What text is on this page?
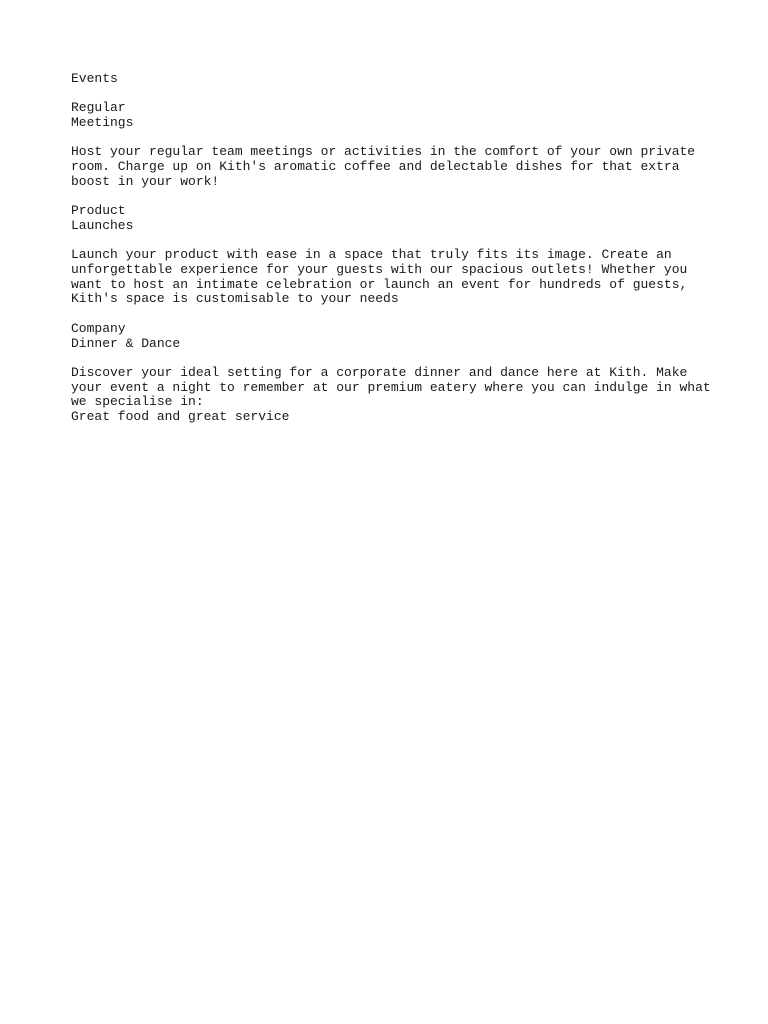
Events
Regular
Meetings
Host your regular team meetings or activities in the comfort of your own private
room. Charge up on Kith's aromatic coffee and delectable dishes for that extra
boost in your work!
Product
Launches
Launch your product with ease in a space that truly fits its image. Create an
unforgettable experience for your guests with our spacious outlets! Whether you
want to host an intimate celebration or launch an event for hundreds of guests,
Kith's space is customisable to your needs
Company
Dinner & Dance
Discover your ideal setting for a corporate dinner and dance here at Kith. Make
your event a night to remember at our premium eatery where you can indulge in what
we specialise in:
Great food and great service
